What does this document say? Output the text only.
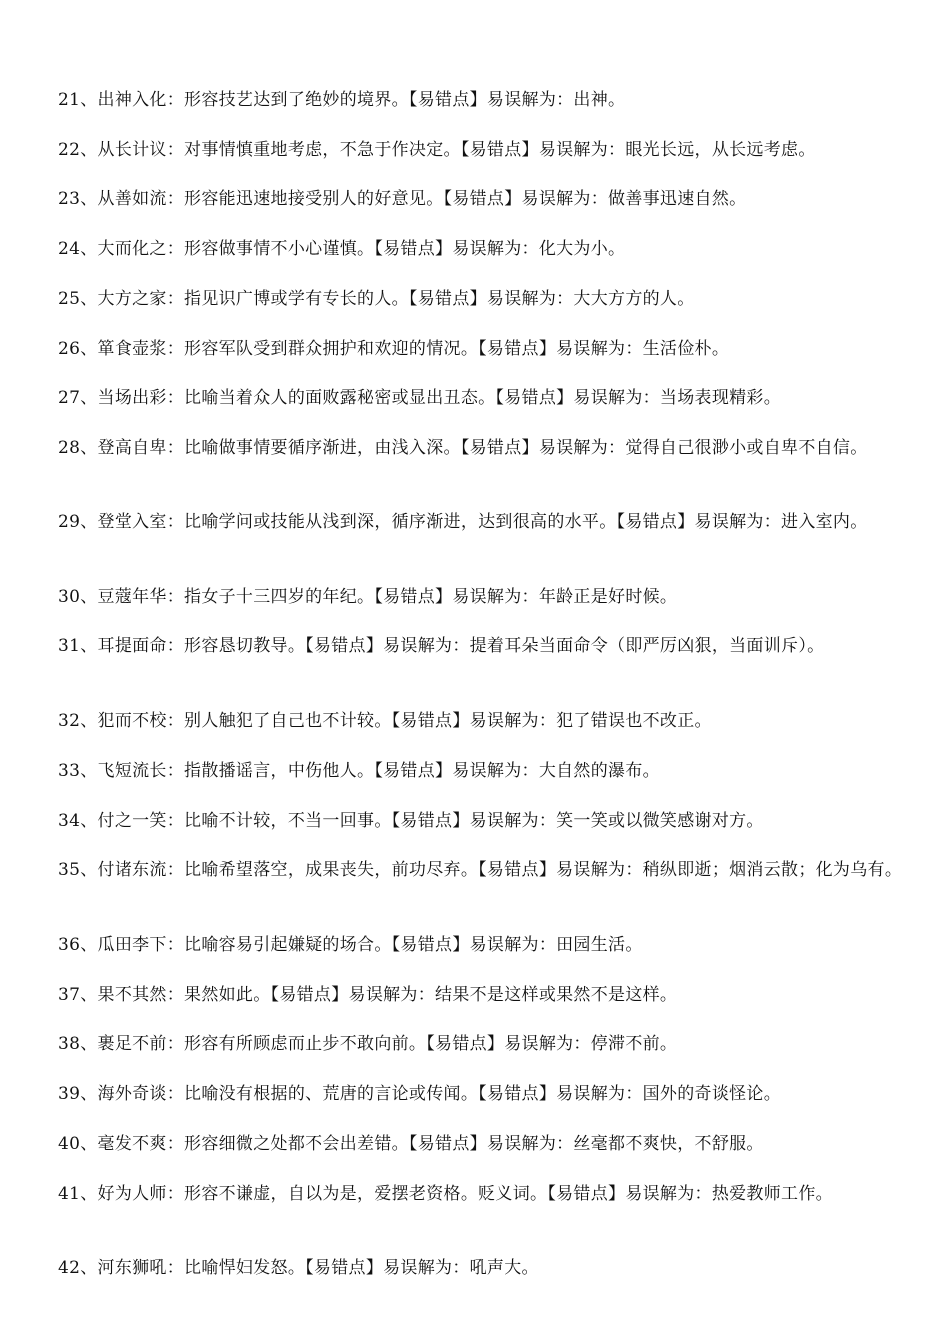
21、出神入化：形容技艺达到了绝妙的境界。【易错点】易误解为：出神。

22、从长计议：对事情慎重地考虑，不急于作决定。【易错点】易误解为：眼光长远，从长远考虑。

23、从善如流：形容能迅速地接受别人的好意见。【易错点】易误解为：做善事迅速自然。

24、大而化之：形容做事情不小心谨慎。【易错点】易误解为：化大为小。

25、大方之家：指见识广博或学有专长的人。【易错点】易误解为：大大方方的人。

26、箪食壶浆：形容军队受到群众拥护和欢迎的情况。【易错点】易误解为：生活俭朴。

27、当场出彩：比喻当着众人的面败露秘密或显出丑态。【易错点】易误解为：当场表现精彩。

28、登高自卑：比喻做事情要循序渐进，由浅入深。【易错点】易误解为：觉得自己很渺小或自卑不自信。

29、登堂入室：比喻学问或技能从浅到深，循序渐进，达到很高的水平。【易错点】易误解为：进入室内。

30、豆蔻年华：指女子十三四岁的年纪。【易错点】易误解为：年龄正是好时候。

31、耳提面命：形容恳切教导。【易错点】易误解为：提着耳朵当面命令（即严厉凶狠，当面训斥）。

32、犯而不校：别人触犯了自己也不计较。【易错点】易误解为：犯了错误也不改正。

33、飞短流长：指散播谣言，中伤他人。【易错点】易误解为：大自然的瀑布。

34、付之一笑：比喻不计较，不当一回事。【易错点】易误解为：笑一笑或以微笑感谢对方。

35、付诸东流：比喻希望落空，成果丧失，前功尽弃。【易错点】易误解为：稍纵即逝；烟消云散；化为乌有。

36、瓜田李下：比喻容易引起嫌疑的场合。【易错点】易误解为：田园生活。

37、果不其然：果然如此。【易错点】易误解为：结果不是这样或果然不是这样。

38、裹足不前：形容有所顾虑而止步不敢向前。【易错点】易误解为：停滞不前。

39、海外奇谈：比喻没有根据的、荒唐的言论或传闻。【易错点】易误解为：国外的奇谈怪论。

40、毫发不爽：形容细微之处都不会出差错。【易错点】易误解为：丝毫都不爽快，不舒服。

41、好为人师：形容不谦虚，自以为是，爱摆老资格。贬义词。【易错点】易误解为：热爱教师工作。

42、河东狮吼：比喻悍妇发怒。【易错点】易误解为：吼声大。
